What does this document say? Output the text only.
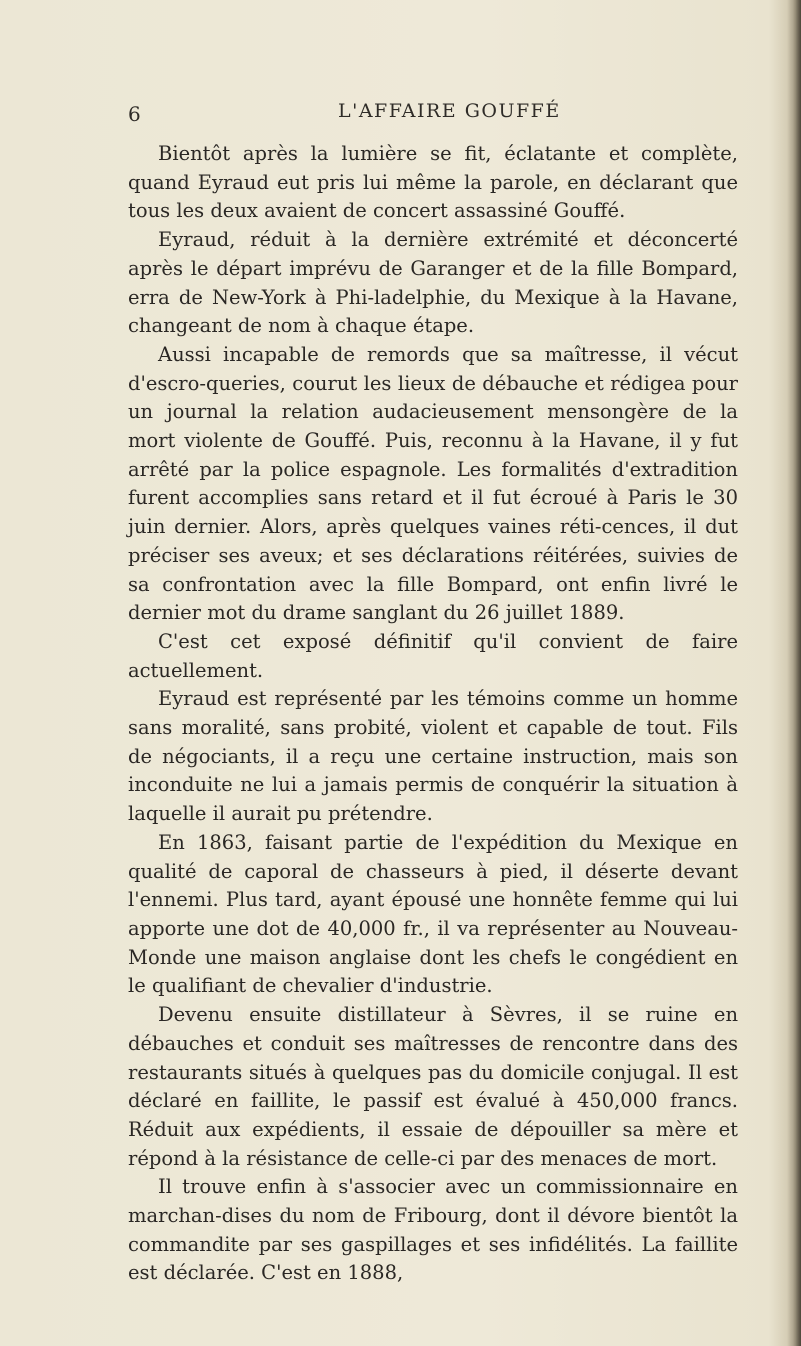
6	L'AFFAIRE GOUFFÉ

Bientôt après la lumière se fit, éclatante et complète, quand Eyraud eut pris lui même la parole, en déclarant que tous les deux avaient de concert assassiné Gouffé.

Eyraud, réduit à la dernière extrémité et déconcerté après le départ imprévu de Garanger et de la fille Bompard, erra de New-York à Phi-ladelphie, du Mexique à la Havane, changeant de nom à chaque étape.

Aussi incapable de remords que sa maîtresse, il vécut d'escro-queries, courut les lieux de débauche et rédigea pour un journal la relation audacieusement mensongère de la mort violente de Gouffé. Puis, reconnu à la Havane, il y fut arrêté par la police espagnole. Les formalités d'extradition furent accomplies sans retard et il fut écroué à Paris le 30 juin dernier. Alors, après quelques vaines réti-cences, il dut préciser ses aveux; et ses déclarations réitérées, suivies de sa confrontation avec la fille Bompard, ont enfin livré le dernier mot du drame sanglant du 26 juillet 1889.

C'est cet exposé définitif qu'il convient de faire actuellement.

Eyraud est représenté par les témoins comme un homme sans moralité, sans probité, violent et capable de tout. Fils de négociants, il a reçu une certaine instruction, mais son inconduite ne lui a jamais permis de conquérir la situation à laquelle il aurait pu prétendre.

En 1863, faisant partie de l'expédition du Mexique en qualité de caporal de chasseurs à pied, il déserte devant l'ennemi. Plus tard, ayant épousé une honnête femme qui lui apporte une dot de 40,000 fr., il va représenter au Nouveau-Monde une maison anglaise dont les chefs le congédient en le qualifiant de chevalier d'industrie.

Devenu ensuite distillateur à Sèvres, il se ruine en débauches et conduit ses maîtresses de rencontre dans des restaurants situés à quelques pas du domicile conjugal. Il est déclaré en faillite, le passif est évalué à 450,000 francs. Réduit aux expédients, il essaie de dépouiller sa mère et répond à la résistance de celle-ci par des menaces de mort.

Il trouve enfin à s'associer avec un commissionnaire en marchan-dises du nom de Fribourg, dont il dévore bientôt la commandite par ses gaspillages et ses infidélités. La faillite est déclarée. C'est en 1888,
